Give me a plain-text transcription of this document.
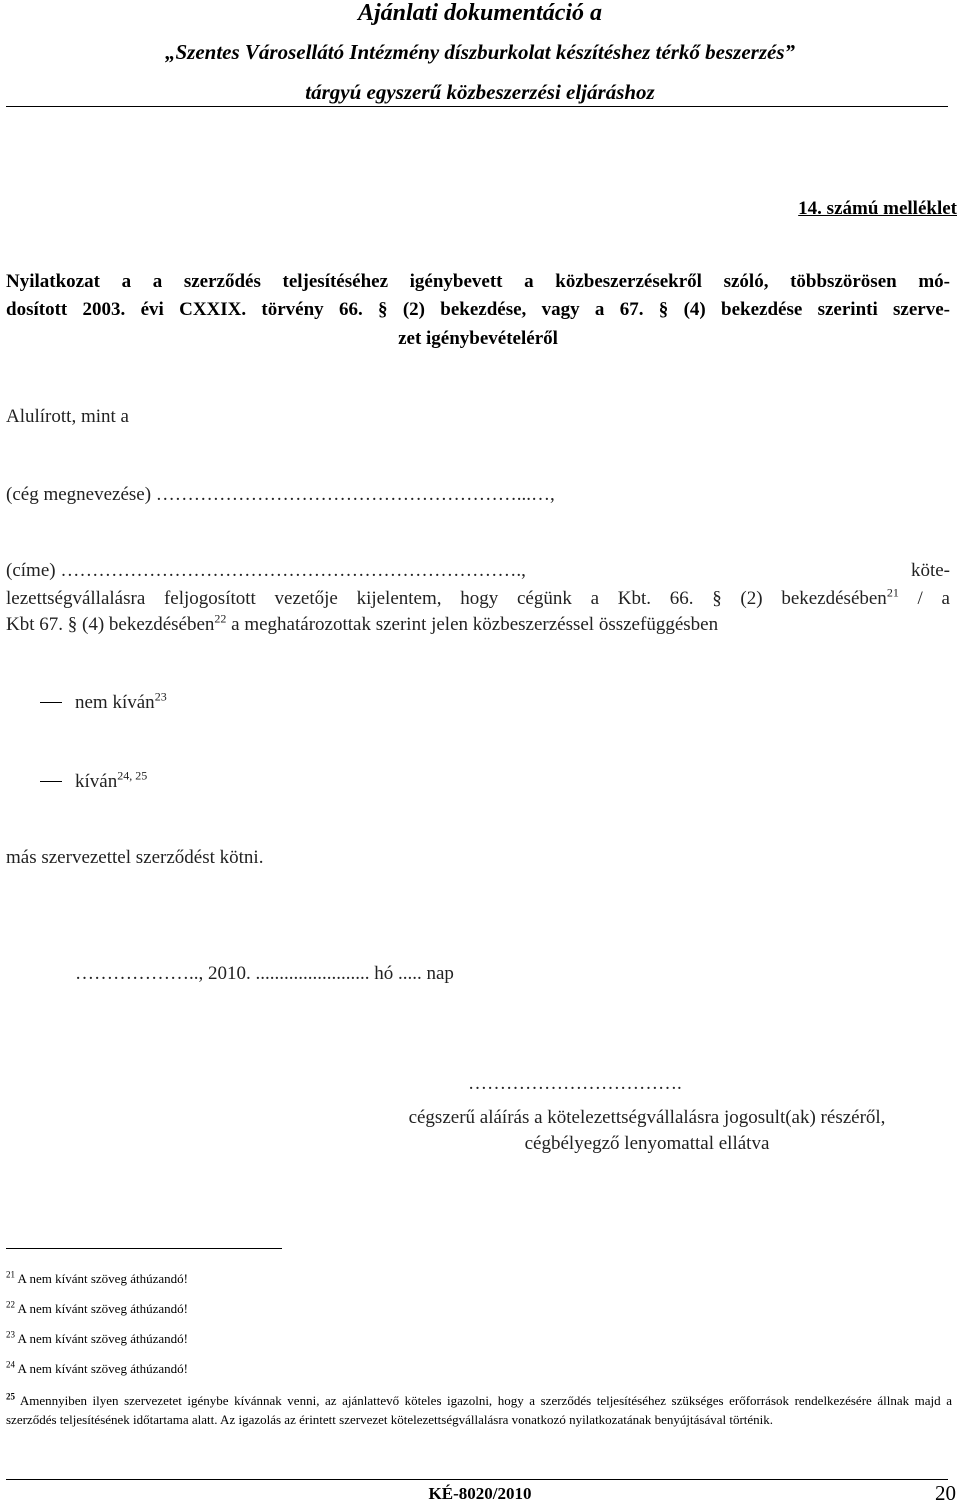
Ajánlati dokumentáció a
„Szentes Városellátó Intézmény díszburkolat készítéshez térkő beszerzés”
tárgyú egyszerű közbeszerzési eljáráshoz
14. számú melléklet
Nyilatkozat a a szerződés teljesítéséhez igénybevett a közbeszerzésekről szóló, többszörösen mó-
dosított 2003. évi CXXIX. törvény 66. § (2) bekezdése, vagy a 67. § (4) bekezdése szerinti szerve-
zet igénybevételéről
Alulírott, mint a
(cég megnevezése) …………………………………………………...…,
(címe) ……………………………………………………………….,	köte-
lezettségvállalásra feljogosított vezetője kijelentem, hogy cégünk a Kbt. 66. § (2) bekezdésében$^{21}$ / a
Kbt 67. § (4) bekezdésében$^{22}$ a meghatározottak szerint jelen közbeszerzéssel összefüggésben
nem kíván$^{23}$
kíván$^{24, 25}$
más szervezettel szerződést kötni.
……………….., 2010. ........................ hó ..... nap
…………………………….
cégszerű aláírás a kötelezettségvállalásra jogosult(ak) részéről,
cégbélyegző lenyomattal ellátva
$^{21}$ A nem kívánt szöveg áthúzandó!
$^{22}$ A nem kívánt szöveg áthúzandó!
$^{23}$ A nem kívánt szöveg áthúzandó!
$^{24}$ A nem kívánt szöveg áthúzandó!
$^{25}$ Amennyiben ilyen szervezetet igénybe kívánnak venni, az ajánlattevő köteles igazolni, hogy a szerződés teljesítéséhez szükséges erőforrások rendelkezésére állnak majd a szerződés teljesítésének időtartama alatt. Az igazolás az érintett szervezet kötelezettségvállalásra vonatkozó nyilatkozatának benyújtásával történik.
KÉ-8020/2010	20
